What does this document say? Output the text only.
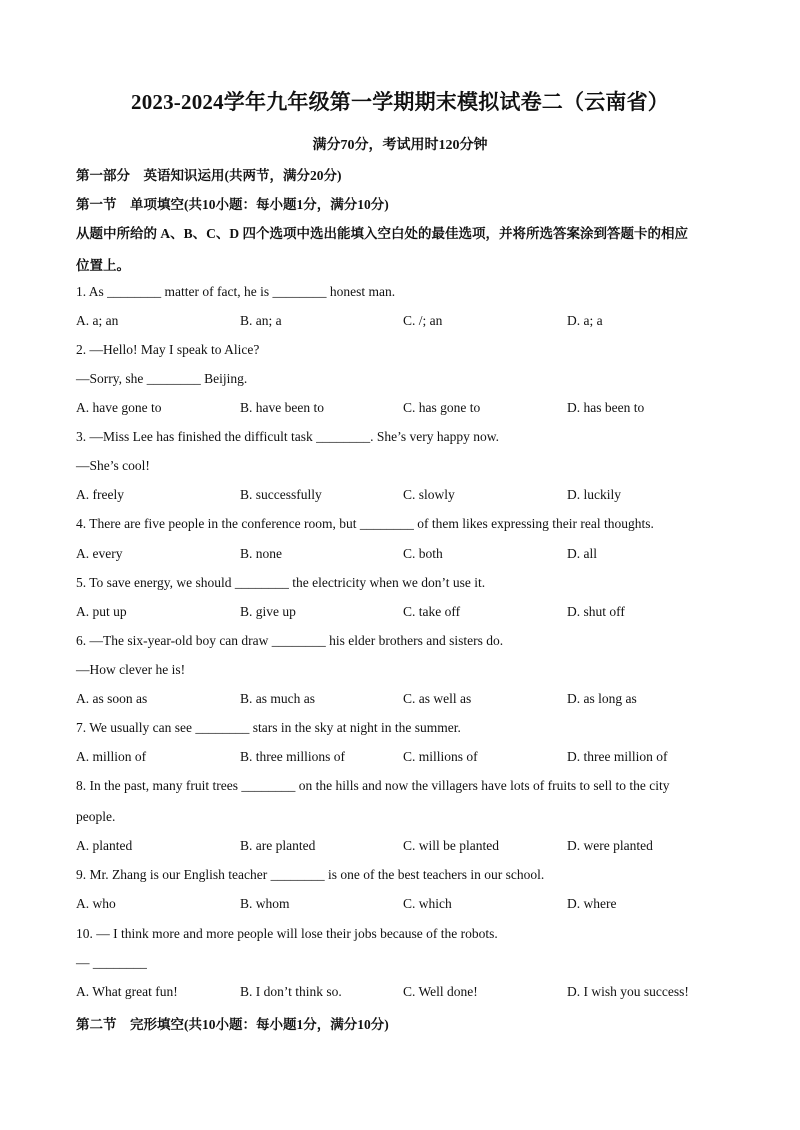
2023-2024学年九年级第一学期期末模拟试卷二（云南省）
满分70分，考试用时120分钟
第一部分　英语知识运用(共两节，满分20分)
第一节　单项填空(共10小题：每小题1分，满分10分)
从题中所给的 A、B、C、D 四个选项中选出能填入空白处的最佳选项，并将所选答案涂到答题卡的相应
位置上。
1. As ________ matter of fact, he is ________ honest man.
A. a; an	B. an; a	C. /; an	D. a; a
2. —Hello! May I speak to Alice?
—Sorry, she ________ Beijing.
A. have gone to	B. have been to	C. has gone to	D. has been to
3. —Miss Lee has finished the difficult task ________. She’s very happy now.
—She’s cool!
A. freely	B. successfully	C. slowly	D. luckily
4. There are five people in the conference room, but ________ of them likes expressing their real thoughts.
A. every	B. none	C. both	D. all
5. To save energy, we should ________ the electricity when we don’t use it.
A. put up	B. give up	C. take off	D. shut off
6. —The six-year-old boy can draw ________ his elder brothers and sisters do.
—How clever he is!
A. as soon as	B. as much as	C. as well as	D. as long as
7. We usually can see ________ stars in the sky at night in the summer.
A. million of	B. three millions of	C. millions of	D. three million of
8. In the past, many fruit trees ________ on the hills and now the villagers have lots of fruits to sell to the city
people.
A. planted	B. are planted	C. will be planted	D. were planted
9. Mr. Zhang is our English teacher ________ is one of the best teachers in our school.
A. who	B. whom	C. which	D. where
10. — I think more and more people will lose their jobs because of the robots.
— ________
A. What great fun!	B. I don’t think so.	C. Well done!	D. I wish you success!
第二节　完形填空(共10小题：每小题1分，满分10分)
